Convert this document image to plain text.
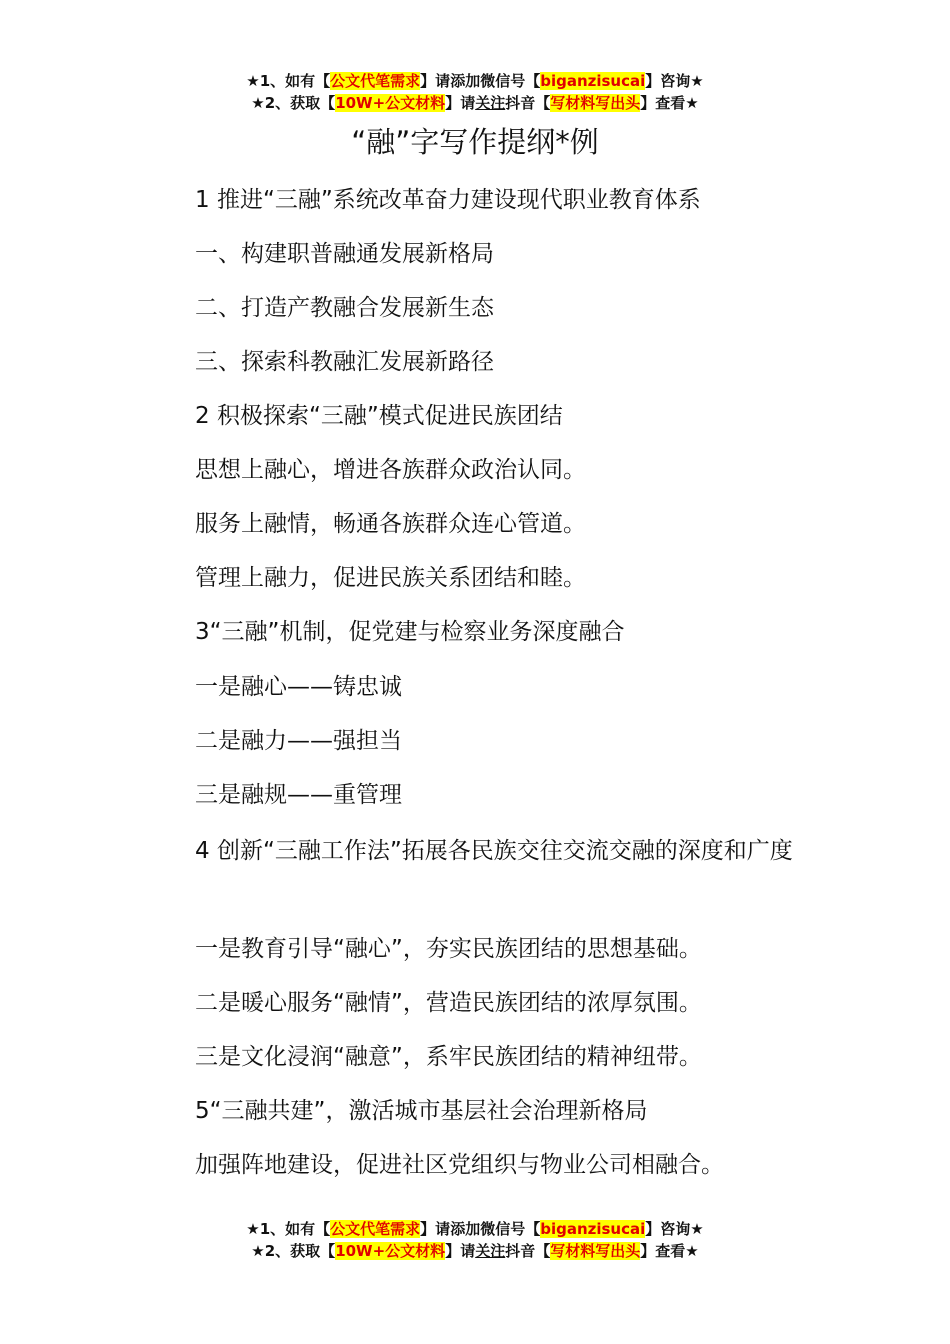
★1、如有【公文代笔需求】请添加微信号【biganzisucai】咨询★
★2、获取【10W+公文材料】请关注抖音【写材料写出头】查看★
“融”字写作提纲*例
1 推进“三融”系统改革奋力建设现代职业教育体系
一、构建职普融通发展新格局
二、打造产教融合发展新生态
三、探索科教融汇发展新路径
2 积极探索“三融”模式促进民族团结
思想上融心，增进各族群众政治认同。
服务上融情，畅通各族群众连心管道。
管理上融力，促进民族关系团结和睦。
3“三融”机制，促党建与检察业务深度融合
一是融心——铸忠诚
二是融力——强担当
三是融规——重管理
4 创新“三融工作法”拓展各民族交往交流交融的深度和广度
一是教育引导“融心”，夯实民族团结的思想基础。
二是暖心服务“融情”，营造民族团结的浓厚氛围。
三是文化浸润“融意”，系牢民族团结的精神纽带。
5“三融共建”，激活城市基层社会治理新格局
加强阵地建设，促进社区党组织与物业公司相融合。
★1、如有【公文代笔需求】请添加微信号【biganzisucai】咨询★
★2、获取【10W+公文材料】请关注抖音【写材料写出头】查看★
